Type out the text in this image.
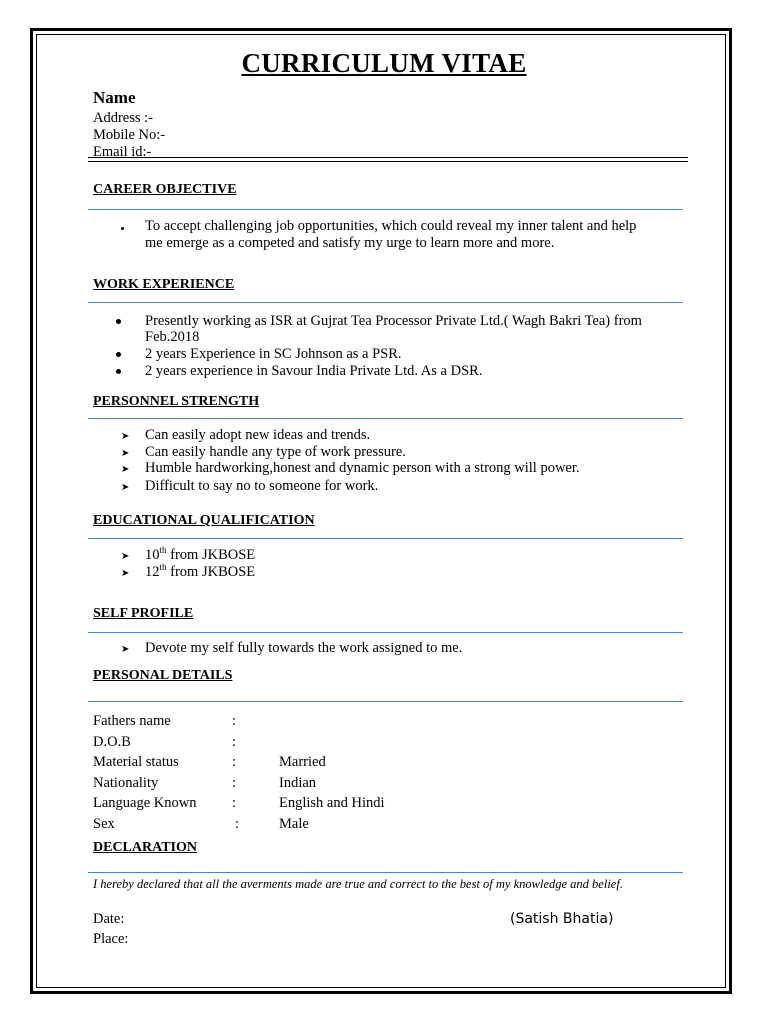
CURRICULUM VITAE
Name
Address :-
Mobile No:-
Email id:-
CAREER OBJECTIVE
To accept challenging job opportunities, which could reveal my inner talent and help
me emerge as a competed and satisfy my urge to learn more and more.
WORK EXPERIENCE
Presently working as ISR at Gujrat Tea Processor Private Ltd.( Wagh Bakri Tea) from
Feb.2018
2 years Experience in SC Johnson as a PSR.
2 years experience in Savour India Private Ltd. As a DSR.
PERSONNEL STRENGTH
➤ Can easily adopt new ideas and trends.
➤ Can easily handle any type of work pressure.
➤ Humble hardworking,honest and dynamic person with a strong will power.
➤ Difficult to say no to someone for work.
EDUCATIONAL QUALIFICATION
➤ 10th from JKBOSE
➤ 12th from JKBOSE
SELF PROFILE
➤ Devote my self fully towards the work assigned to me.
PERSONAL DETAILS
Fathers name	:
D.O.B	:
Material status	:	Married
Nationality	:	Indian
Language Known :	English and Hindi
Sex	:	Male
DECLARATION
I hereby declared that all the averments made are true and correct to the best of my knowledge and belief.
Date:	(Satish Bhatia)
Place:
